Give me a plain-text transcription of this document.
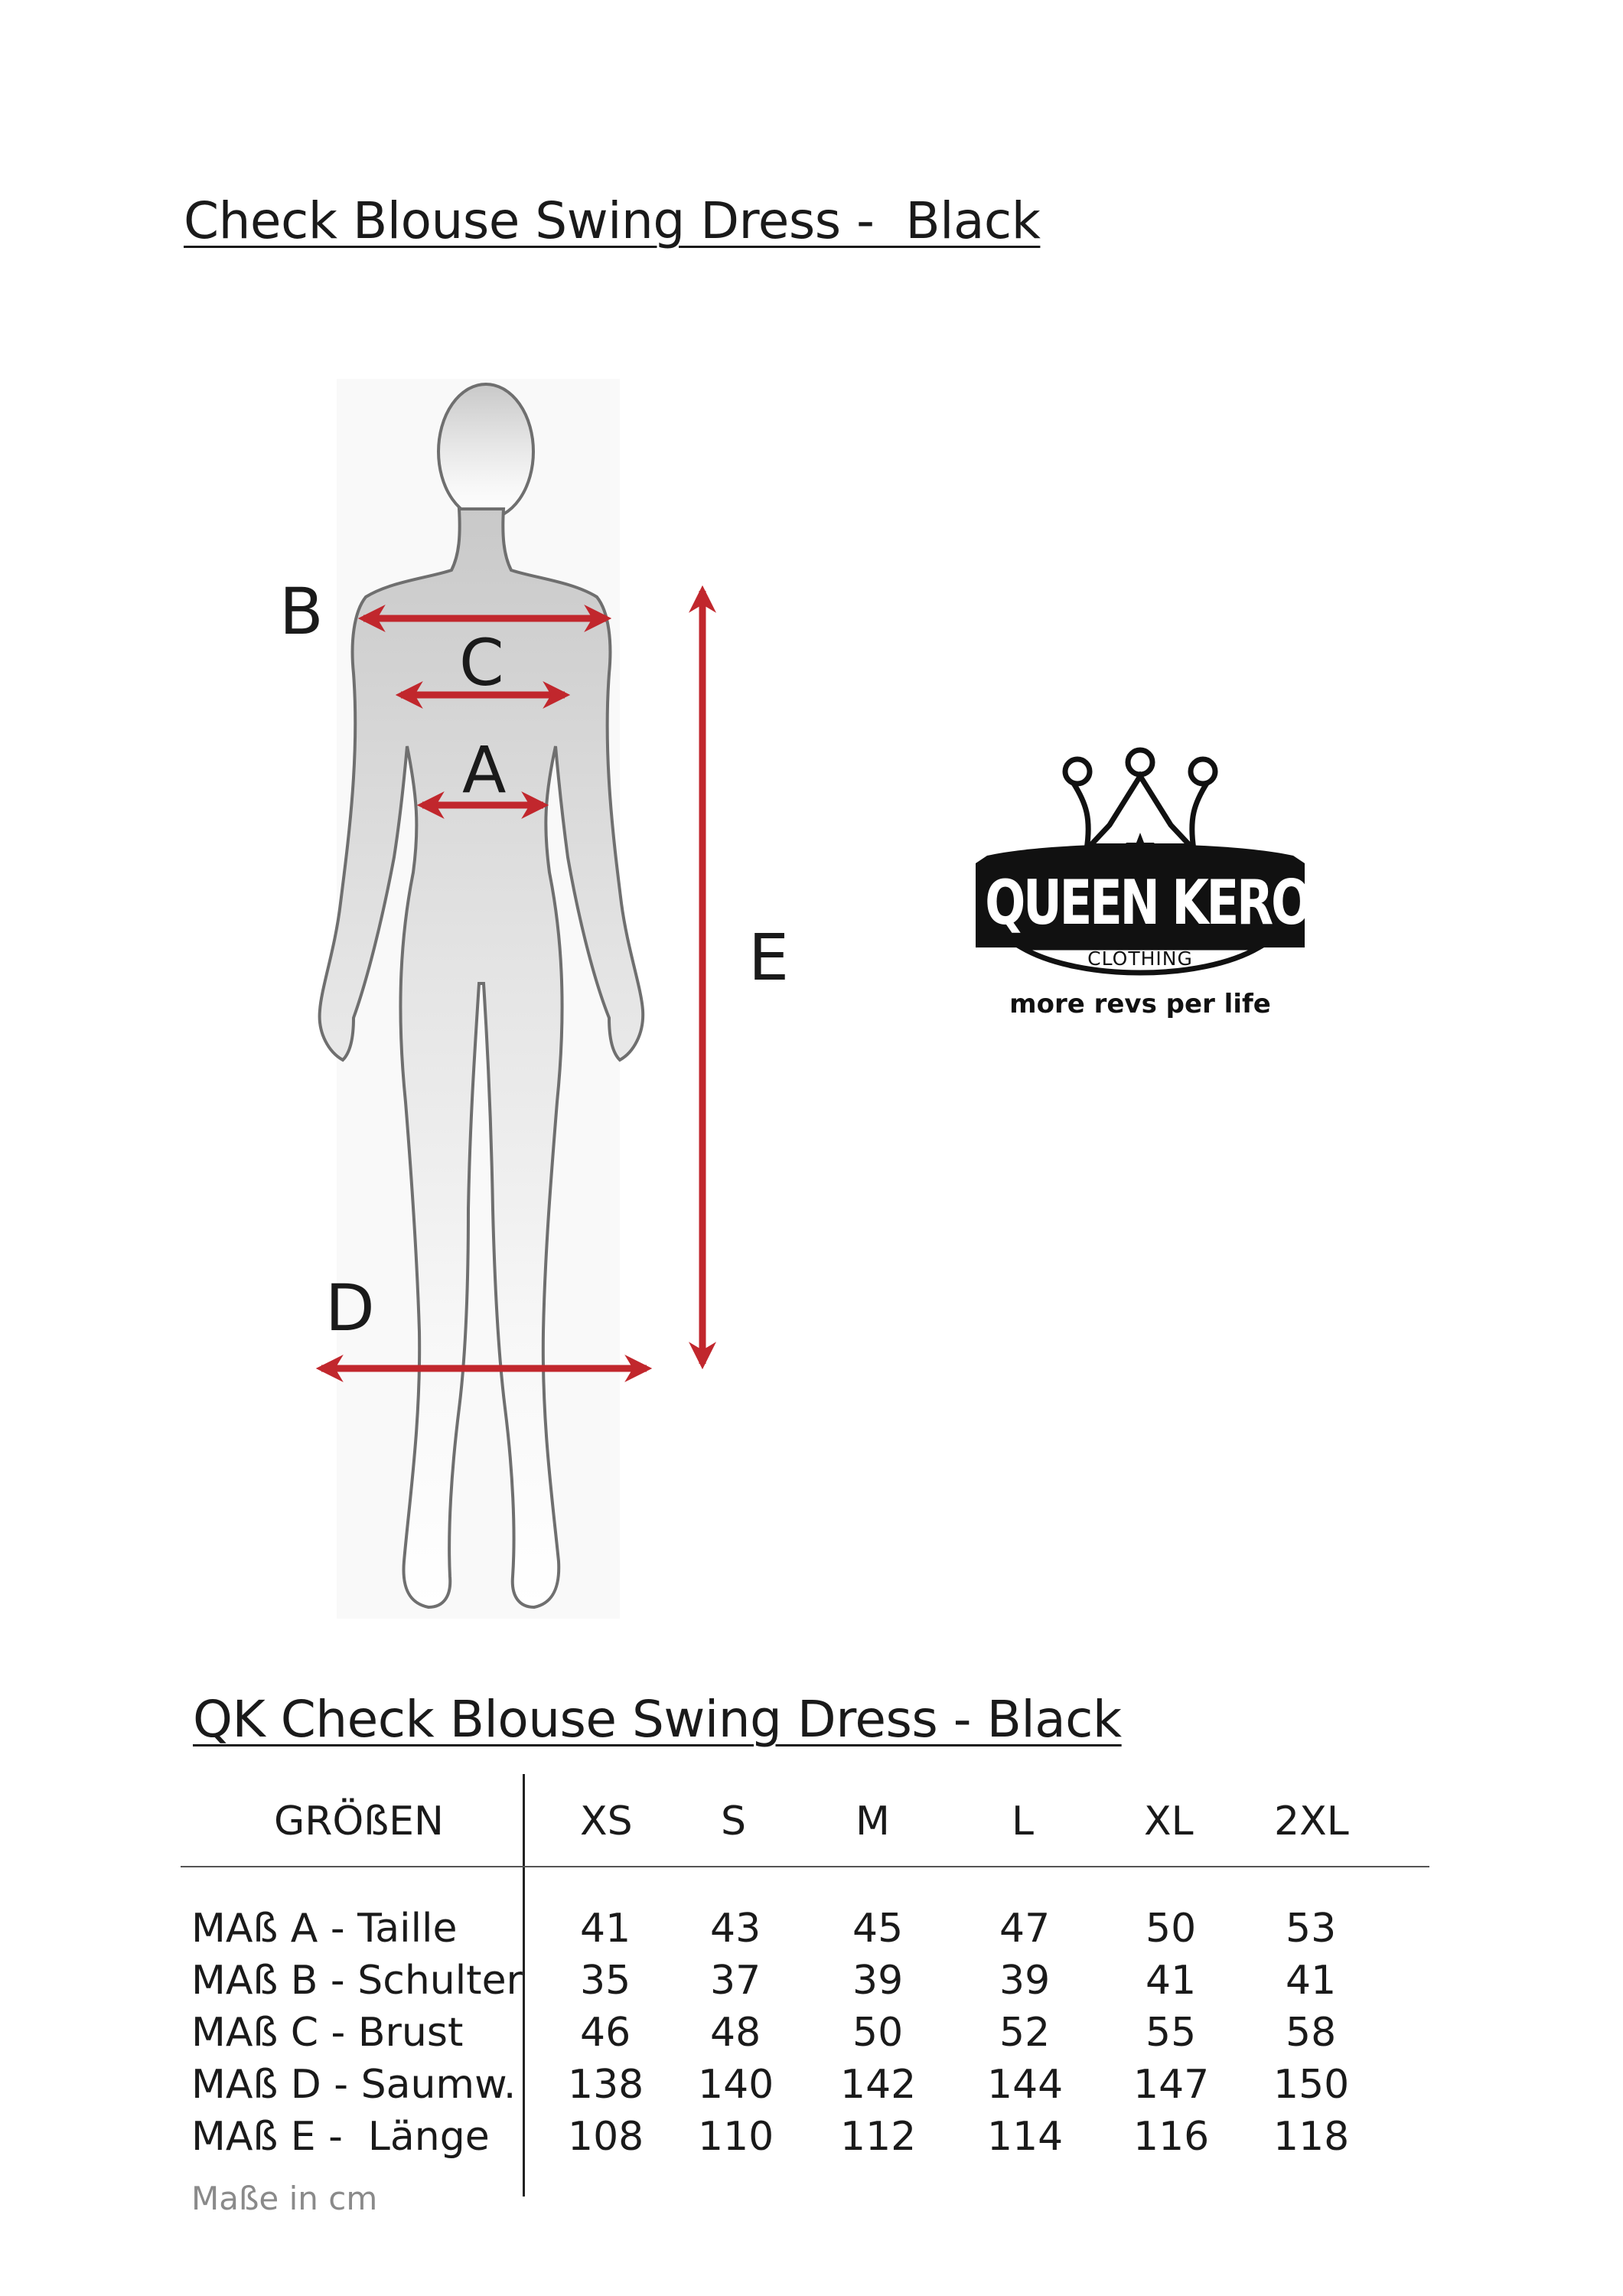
Check Blouse Swing Dress -  Black
B
C
A
E
D
QUEEN KEROSIN
CLOTHING
more revs per life
QK Check Blouse Swing Dress - Black
GRÖßEN	XS S	M	L	XL 2XL
MAß A - Taille	41 43 45 47 50 53
MAß B - Schulter 35 37 39 39 41 41
MAß C - Brust	46 48 50 52 55 58
MAß D - Saumw. 138 140 142 144 147 150
MAß E -  Länge 108 110 112 114 116 118
Maße in cm
